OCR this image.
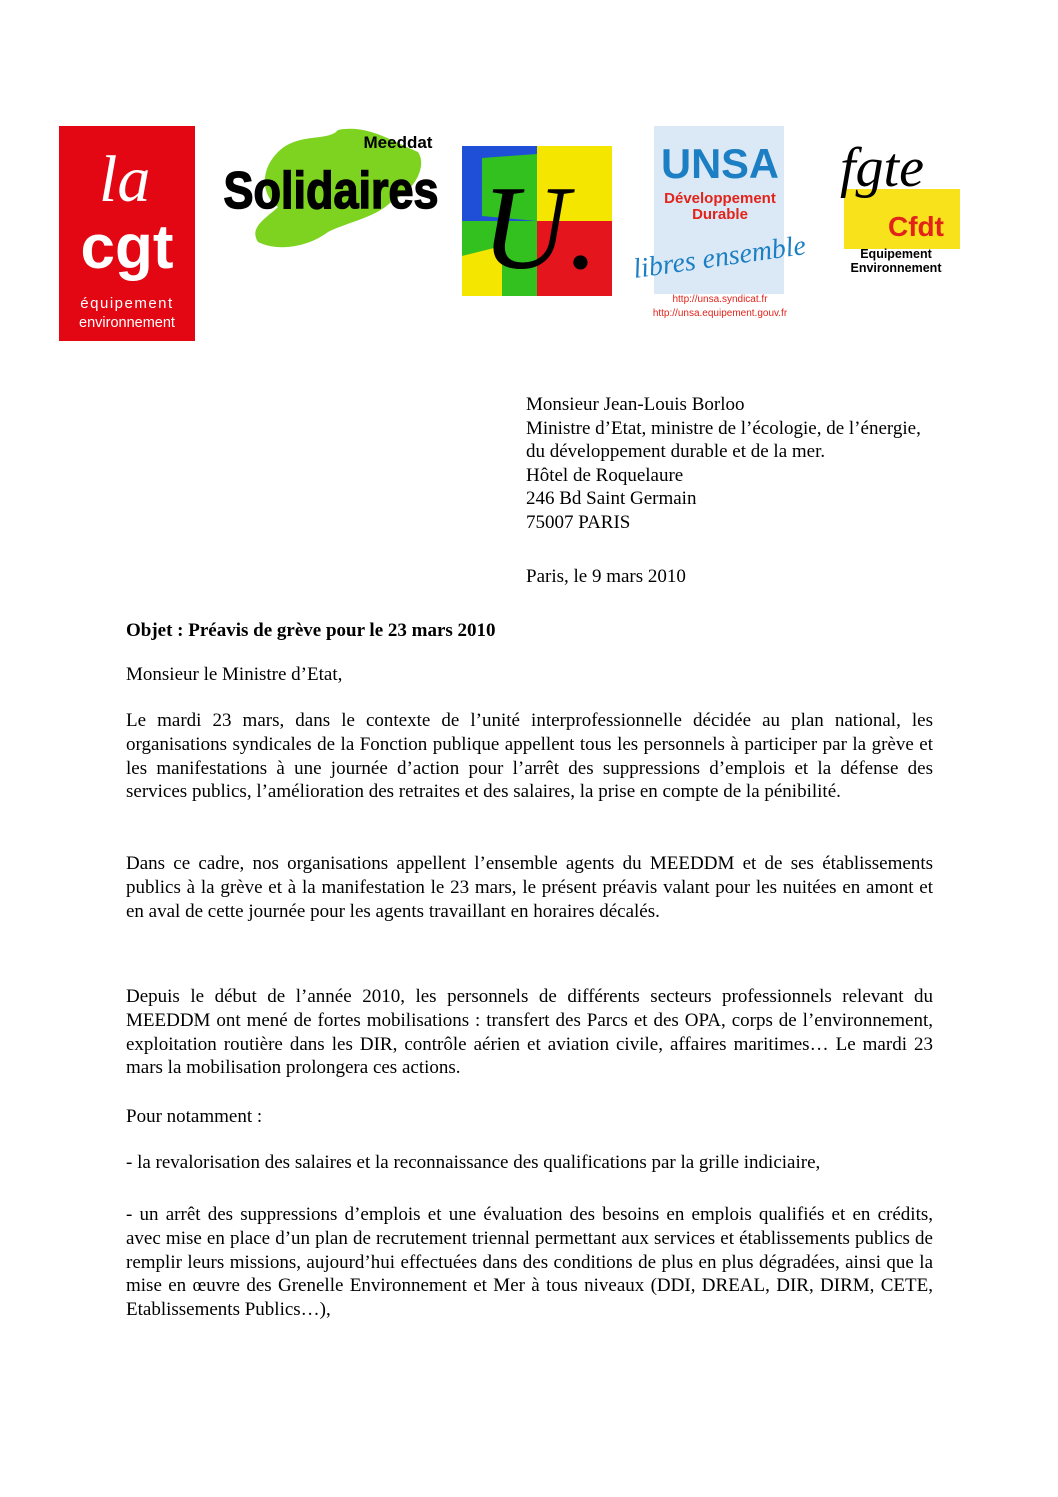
la
cgt
équipement
environnement
Meeddat
Solidaires U. UNSA
Développement
Durable
libres ensemble
http://unsa.syndicat.fr
http://unsa.equipement.gouv.fr
fgte
Cfdt
Equipement
Environnement
Monsieur Jean-Louis Borloo
Ministre d’Etat, ministre de l’écologie, de l’énergie,
du développement durable et de la mer.
Hôtel de Roquelaure
246 Bd Saint Germain
75007 PARIS
Paris, le 9 mars 2010
Objet : Préavis de grève pour le 23 mars 2010
Monsieur le Ministre d’Etat,
Le mardi 23 mars, dans le contexte de l’unité interprofessionnelle décidée au plan national, les organisations syndicales de la Fonction publique appellent tous les personnels à participer par la grève et les manifestations à une journée d’action pour l’arrêt des suppressions d’emplois et la défense des services publics, l’amélioration des retraites et des salaires, la prise en compte de la pénibilité.
Dans ce cadre, nos organisations appellent l’ensemble agents du MEEDDM et de ses établissements publics à la grève et à la manifestation le 23 mars, le présent préavis valant pour les nuitées en amont et en aval de cette journée pour les agents travaillant en horaires décalés.
Depuis le début de l’année 2010, les personnels de différents secteurs professionnels relevant du MEEDDM ont mené de fortes mobilisations : transfert des Parcs et des OPA, corps de l’environnement, exploitation routière dans les DIR, contrôle aérien et aviation civile, affaires maritimes… Le mardi 23 mars la mobilisation prolongera ces actions.
Pour notamment :
- la revalorisation des salaires et la reconnaissance des qualifications par la grille indiciaire,
- un arrêt des suppressions d’emplois et une évaluation des besoins en emplois qualifiés et en crédits, avec mise en place d’un plan de recrutement triennal permettant aux services et établissements publics de remplir leurs missions, aujourd’hui effectuées dans des conditions de plus en plus dégradées, ainsi que la mise en œuvre des Grenelle Environnement et Mer à tous niveaux (DDI, DREAL, DIR, DIRM, CETE, Etablissements Publics…),
